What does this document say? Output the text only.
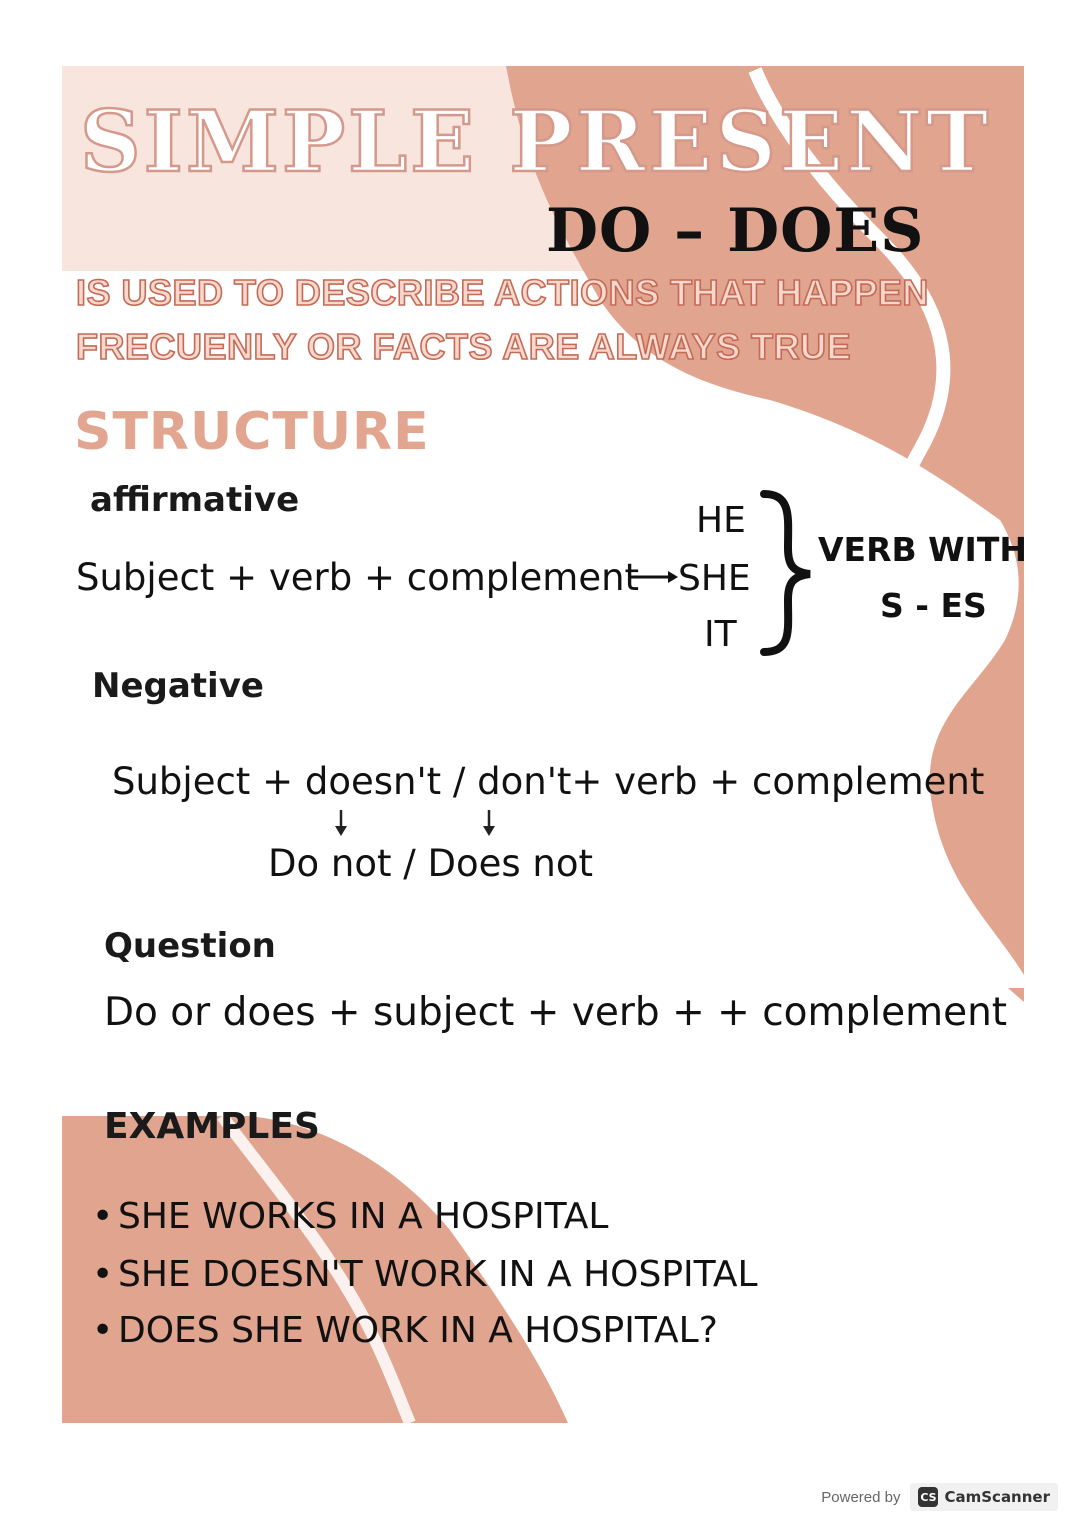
SIMPLE PRESENT
DO – DOES
IS USED TO DESCRIBE ACTIONS THAT HAPPEN
FRECUENLY OR FACTS ARE ALWAYS TRUE
STRUCTURE
affirmative
Subject + verb + complement
HE
SHE
IT
VERB WITH
S - ES
Negative
Subject + doesn't / don't+ verb + complement
Do not / Does not
Question
Do or does + subject + verb + + complement
EXAMPLES
• SHE WORKS IN A HOSPITAL
• SHE DOESN'T WORK IN A HOSPITAL
• DOES SHE WORK IN A HOSPITAL?
Powered by CS CamScanner
